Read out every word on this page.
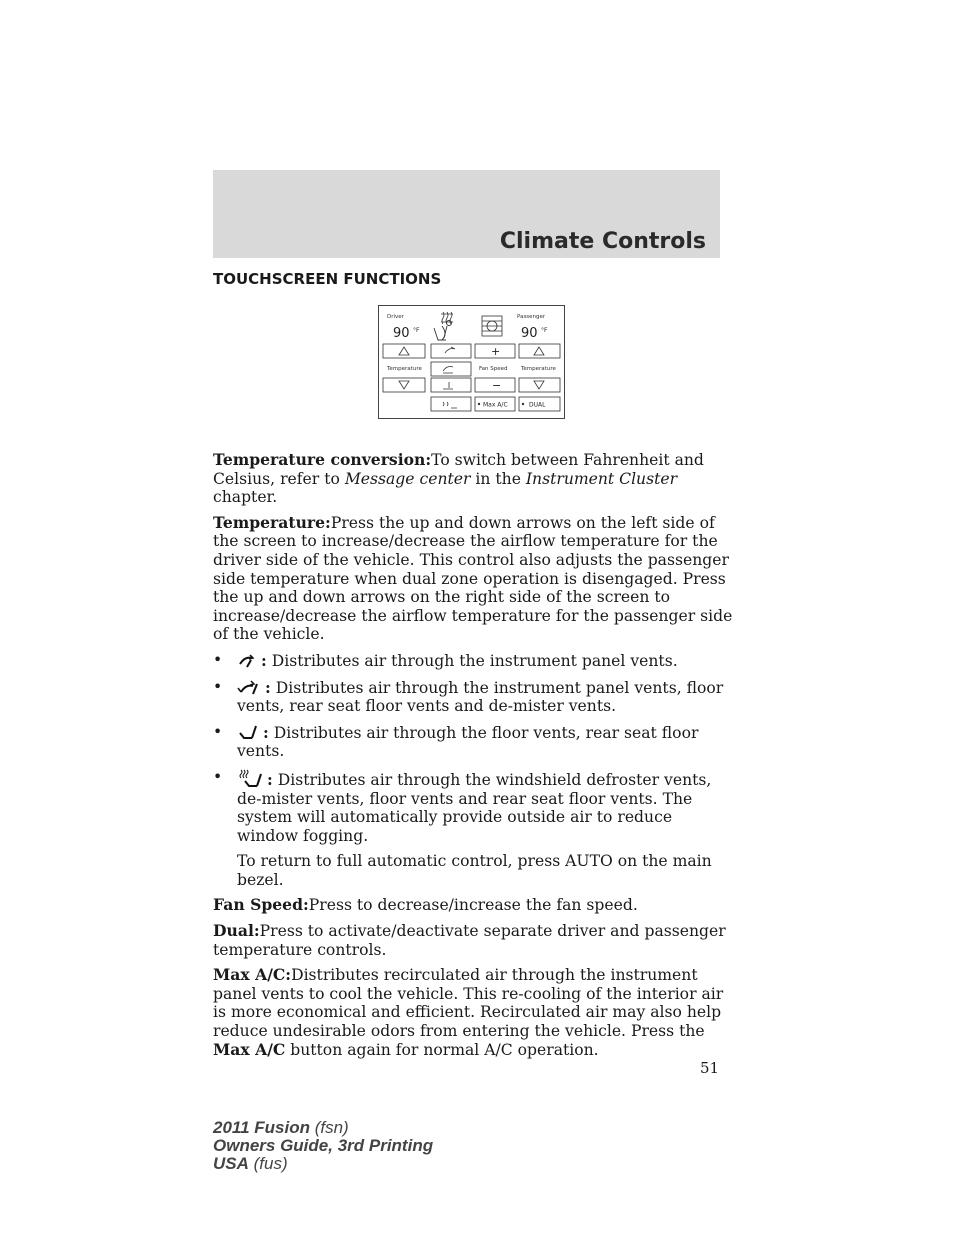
Climate Controls
TOUCHSCREEN FUNCTIONS
Driver	Passenger
90 °F	90 °F
+
Temperature	Fan Speed Temperature
−
Max A/C	DUAL

Temperature conversion:To switch between Fahrenheit and Celsius, refer to Message center in the Instrument Cluster chapter.

Temperature:Press the up and down arrows on the left side of the screen to increase/decrease the airflow temperature for the driver side of the vehicle. This control also adjusts the passenger side temperature when dual zone operation is disengaged. Press the up and down arrows on the right side of the screen to increase/decrease the airflow temperature for the passenger side of the vehicle.

• : Distributes air through the instrument panel vents.
•	: Distributes air through the instrument panel vents, floor vents, rear seat floor vents and de-mister vents.
•	: Distributes air through the floor vents, rear seat floor vents.
•	: Distributes air through the windshield defroster vents, de-mister vents, floor vents and rear seat floor vents. The system will automatically provide outside air to reduce window fogging.

To return to full automatic control, press AUTO on the main bezel.

Fan Speed:Press to decrease/increase the fan speed.

Dual:Press to activate/deactivate separate driver and passenger temperature controls.

Max A/C:Distributes recirculated air through the instrument panel vents to cool the vehicle. This re-cooling of the interior air is more economical and efficient. Recirculated air may also help reduce undesirable odors from entering the vehicle. Press the Max A/C button again for normal A/C operation.

51
2011 Fusion (fsn)
Owners Guide, 3rd Printing
USA (fus)
